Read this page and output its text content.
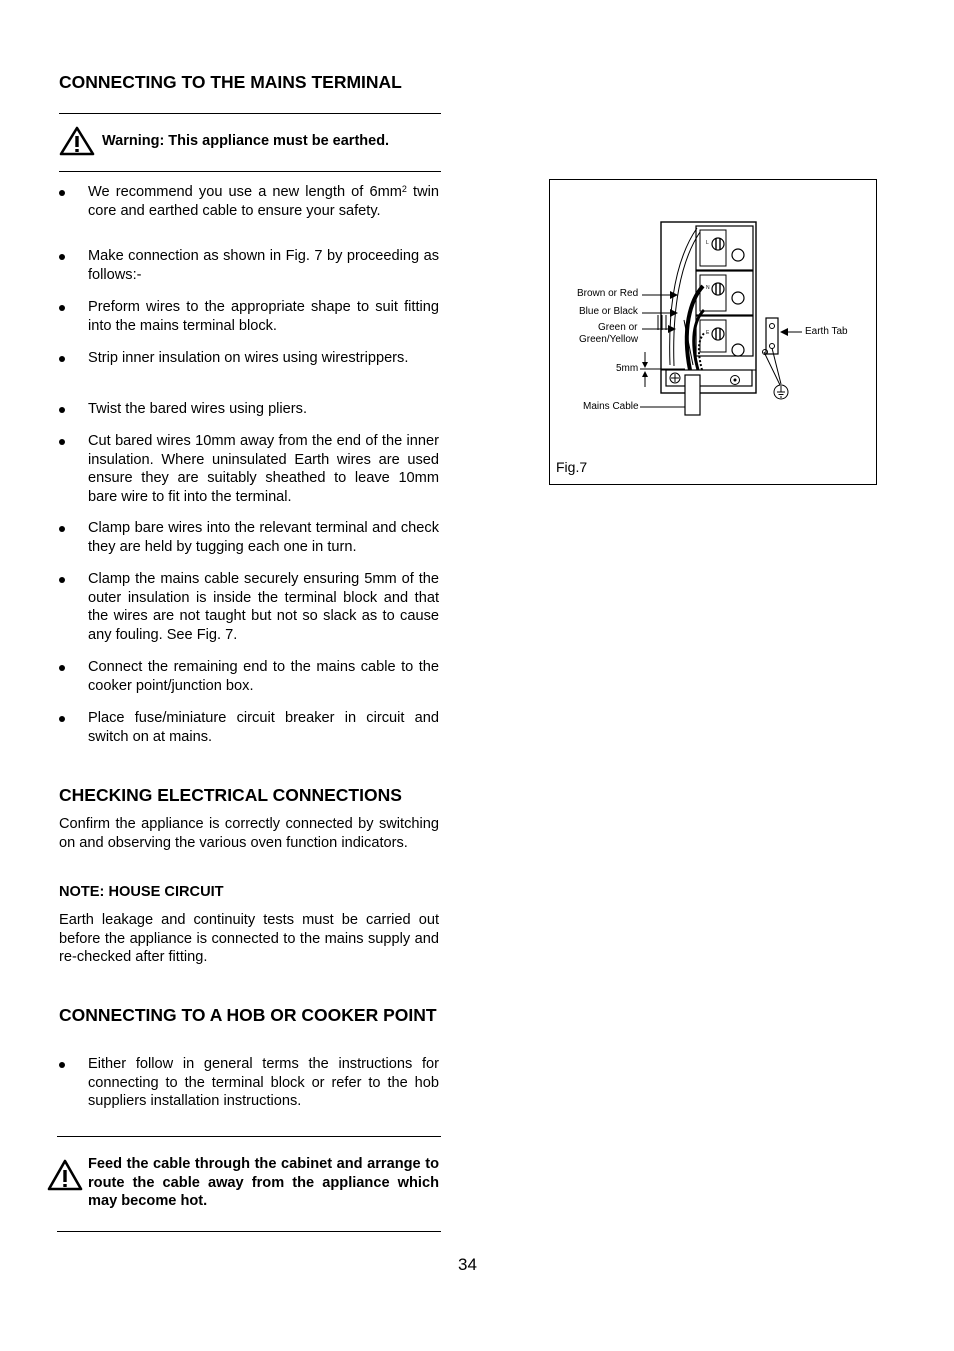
CONNECTING TO THE MAINS TERMINAL
Warning: This appliance must be earthed.
We recommend you use a new length of $6mm^2$ twin core and earthed cable to ensure your safety.
Make connection as shown in Fig. 7 by proceeding as follows:-
Preform wires to the appropriate shape to suit fitting into the mains terminal block.
Strip inner insulation on wires using wirestrippers.
Twist the bared wires using pliers.
Cut bared wires 10mm away from the end of the inner insulation. Where uninsulated Earth wires are used ensure they are suitably sheathed to leave 10mm bare wire to fit into the terminal.
Clamp bare wires into the relevant terminal and check they are held by tugging each one in turn.
Clamp the mains cable securely ensuring 5mm of the outer insulation is inside the terminal block and that the wires are not taught but not so slack as to cause any fouling. See Fig. 7.
Connect the remaining end to the mains cable to the cooker point/junction box.
Place fuse/miniature circuit breaker in circuit and switch on at mains.
CHECKING ELECTRICAL CONNECTIONS
Confirm the appliance is correctly connected by switching on and observing the various oven function indicators.
NOTE: HOUSE CIRCUIT
Earth leakage and continuity tests must be carried out before the appliance is connected to the mains supply and re-checked after fitting.
CONNECTING TO A HOB OR COOKER POINT
Either follow in general terms the instructions for connecting to the terminal block or refer to the hob suppliers installation instructions.
Feed the cable through the cabinet and arrange to route the cable away from the appliance which may become hot.
L
N
E
Brown or Red
Blue or Black
Green or
Green/Yellow
5mm
Mains Cable
Earth Tab
Fig.7
34
